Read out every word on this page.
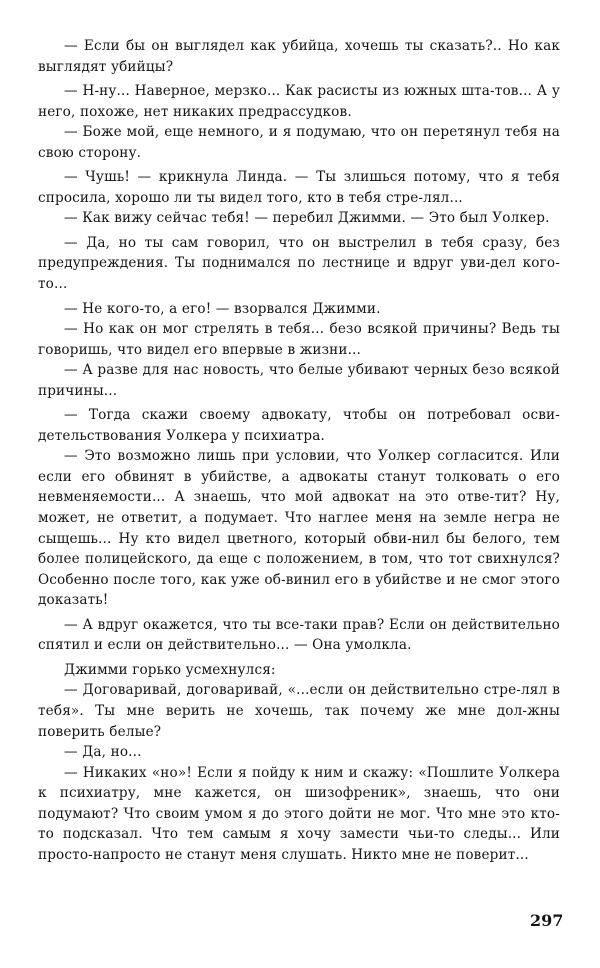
— Если бы он выглядел как убийца, хочешь ты сказать?.. Но как выглядят убийцы?

— Н-ну... Наверное, мерзко... Как расисты из южных шта-тов... А у него, похоже, нет никаких предрассудков.

— Боже мой, еще немного, и я подумаю, что он перетянул тебя на свою сторону.

— Чушь! — крикнула Линда. — Ты злишься потому, что я тебя спросила, хорошо ли ты видел того, кто в тебя стре-лял...

— Как вижу сейчас тебя! — перебил Джимми. — Это был Уолкер.

— Да, но ты сам говорил, что он выстрелил в тебя сразу, без предупреждения. Ты поднимался по лестнице и вдруг уви-дел кого-то...

— Не кого-то, а его! — взорвался Джимми.

— Но как он мог стрелять в тебя... безо всякой причины? Ведь ты говоришь, что видел его впервые в жизни...

— А разве для нас новость, что белые убивают черных безо всякой причины...

— Тогда скажи своему адвокату, чтобы он потребовал осви-детельствования Уолкера у психиатра.

— Это возможно лишь при условии, что Уолкер согласится. Или если его обвинят в убийстве, а адвокаты станут толковать о его невменяемости... А знаешь, что мой адвокат на это отве-тит? Ну, может, не ответит, а подумает. Что наглее меня на земле негра не сыщешь... Ну кто видел цветного, который обви-нил бы белого, тем более полицейского, да еще с положением, в том, что тот свихнулся? Особенно после того, как уже об-винил его в убийстве и не смог этого доказать!

— А вдруг окажется, что ты все-таки прав? Если он действительно спятил и если он действительно... — Она умолкла.

Джимми горько усмехнулся:

— Договаривай, договаривай, «...если он действительно стре-лял в тебя». Ты мне верить не хочешь, так почему же мне дол-жны поверить белые?

— Да, но...

— Никаких «но»! Если я пойду к ним и скажу: «Пошлите Уолкера к психиатру, мне кажется, он шизофреник», знаешь, что они подумают? Что своим умом я до этого дойти не мог. Что мне это кто-то подсказал. Что тем самым я хочу замести чьи-то следы... Или просто-напросто не станут меня слушать. Никто мне не поверит...

297
